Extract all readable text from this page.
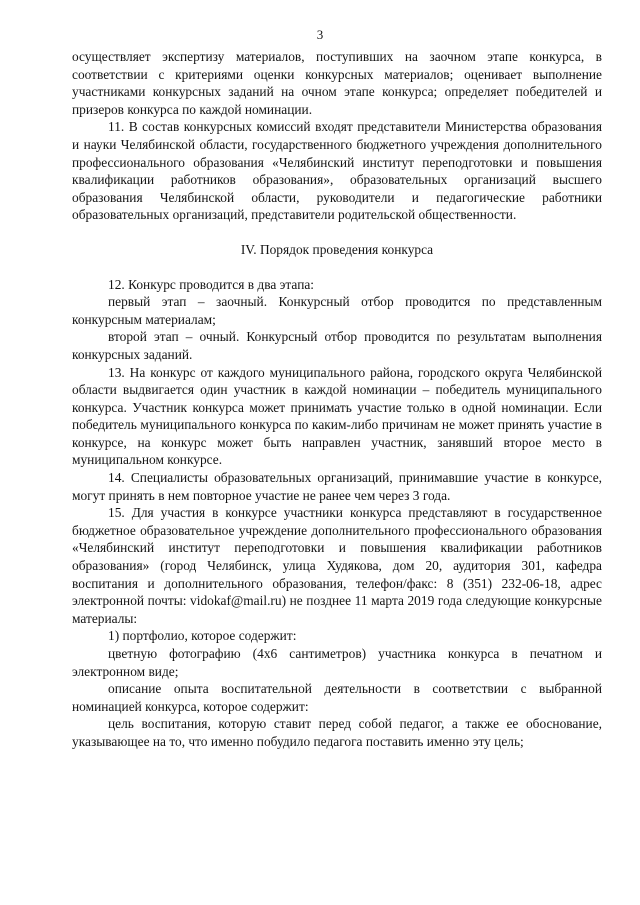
3

осуществляет экспертизу материалов, поступивших на заочном этапе конкурса, в соответствии с критериями оценки конкурсных материалов; оценивает выполнение участниками конкурсных заданий на очном этапе конкурса; определяет победителей и призеров конкурса по каждой номинации.

11. В состав конкурсных комиссий входят представители Министерства образования и науки Челябинской области, государственного бюджетного учреждения дополнительного профессионального образования «Челябинский институт переподготовки и повышения квалификации работников образования», образовательных организаций высшего образования Челябинской области, руководители и педагогические работники образовательных организаций, представители родительской общественности.

IV. Порядок проведения конкурса

12. Конкурс проводится в два этапа:

первый этап – заочный. Конкурсный отбор проводится по представленным конкурсным материалам;

второй этап – очный. Конкурсный отбор проводится по результатам выполнения конкурсных заданий.

13. На конкурс от каждого муниципального района, городского округа Челябинской области выдвигается один участник в каждой номинации – победитель муниципального конкурса. Участник конкурса может принимать участие только в одной номинации. Если победитель муниципального конкурса по каким-либо причинам не может принять участие в конкурсе, на конкурс может быть направлен участник, занявший второе место в муниципальном конкурсе.

14. Специалисты образовательных организаций, принимавшие участие в конкурсе, могут принять в нем повторное участие не ранее чем через 3 года.

15. Для участия в конкурсе участники конкурса представляют в государственное бюджетное образовательное учреждение дополнительного профессионального образования «Челябинский институт переподготовки и повышения квалификации работников образования» (город Челябинск, улица Худякова, дом 20, аудитория 301, кафедра воспитания и дополнительного образования, телефон/факс: 8 (351) 232-06-18, адрес электронной почты: vidokaf@mail.ru) не позднее 11 марта 2019 года следующие конкурсные материалы:

1) портфолио, которое содержит:

цветную фотографию (4x6 сантиметров) участника конкурса в печатном и электронном виде;

описание опыта воспитательной деятельности в соответствии с выбранной номинацией конкурса, которое содержит:

цель воспитания, которую ставит перед собой педагог, а также ее обоснование, указывающее на то, что именно побудило педагога поставить именно эту цель;
